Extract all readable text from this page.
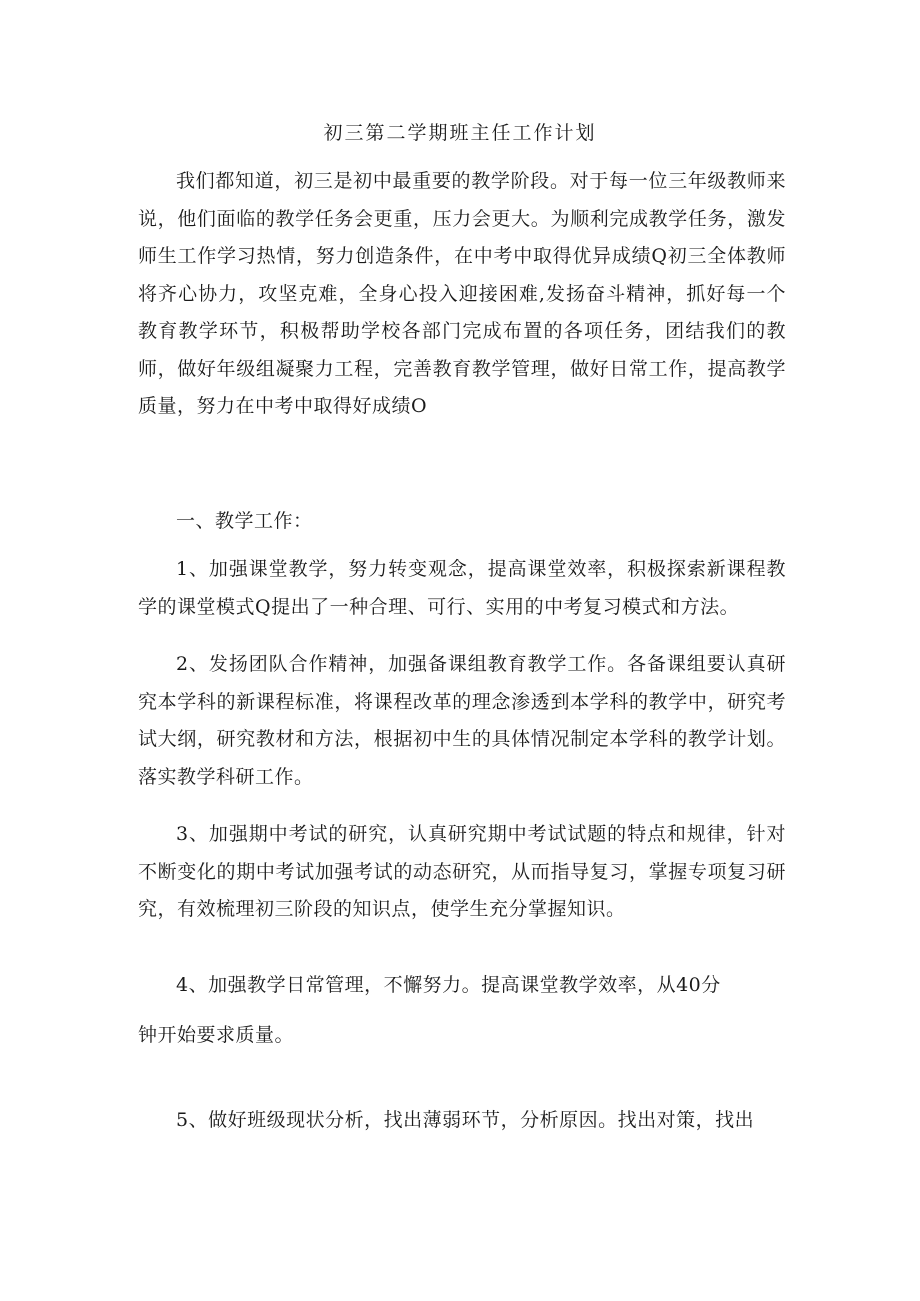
初三第二学期班主任工作计划

我们都知道，初三是初中最重要的教学阶段。对于每一位三年级教师来说，他们面临的教学任务会更重，压力会更大。为顺利完成教学任务，激发师生工作学习热情，努力创造条件，在中考中取得优异成绩Q初三全体教师将齐心协力，攻坚克难，全身心投入迎接困难,发扬奋斗精神，抓好每一个教育教学环节，积极帮助学校各部门完成布置的各项任务，团结我们的教师，做好年级组凝聚力工程，完善教育教学管理，做好日常工作，提高教学质量，努力在中考中取得好成绩O

一、教学工作：

1、加强课堂教学，努力转变观念，提高课堂效率，积极探索新课程教学的课堂模式Q提出了一种合理、可行、实用的中考复习模式和方法。

2、发扬团队合作精神，加强备课组教育教学工作。各备课组要认真研究本学科的新课程标准，将课程改革的理念渗透到本学科的教学中，研究考试大纲，研究教材和方法，根据初中生的具体情况制定本学科的教学计划。落实教学科研工作。

3、加强期中考试的研究，认真研究期中考试试题的特点和规律，针对不断变化的期中考试加强考试的动态研究，从而指导复习，掌握专项复习研究，有效梳理初三阶段的知识点，使学生充分掌握知识。

4、加强教学日常管理，不懈努力。提高课堂教学效率，从40分

钟开始要求质量。

5、做好班级现状分析，找出薄弱环节，分析原因。找出对策，找出
